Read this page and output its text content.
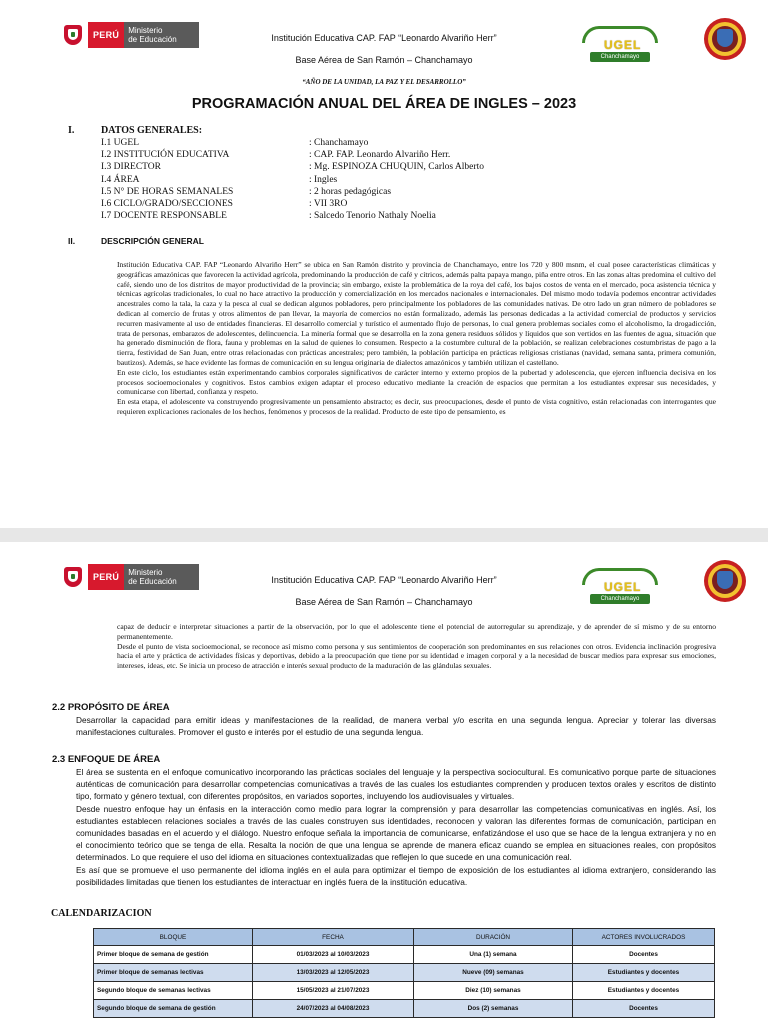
PERÚ	Ministerio
de Educación	Institución Educativa CAP. FAP “Leonardo Alvariño Herr”
Base Aérea de San Ramón – Chanchamayo
UGEL
Chanchamayo
“AÑO DE LA UNIDAD, LA PAZ Y EL DESARROLLO”
PROGRAMACIÓN ANUAL DEL ÁREA DE INGLES – 2023
I.	DATOS GENERALES:
I.1 UGEL	: Chanchamayo
I.2 INSTITUCIÓN EDUCATIVA	: CAP. FAP. Leonardo Alvariño Herr.
I.3 DIRECTOR	: Mg. ESPINOZA CHUQUIN, Carlos Alberto
I.4 ÁREA	: Ingles
I.5 N° DE HORAS SEMANALES	: 2 horas pedagógicas
I.6 CICLO/GRADO/SECCIONES	: VII 3RO
I.7 DOCENTE RESPONSABLE	: Salcedo Tenorio Nathaly Noelia
II.	DESCRIPCIÓN GENERAL

Institución Educativa CAP. FAP “Leonardo Alvariño Herr” se ubica en San Ramón distrito y provincia de Chanchamayo, entre los 720 y 800 msnm, el cual posee características climáticas y geográficas amazónicas que favorecen la actividad agrícola, predominando la producción de café y cítricos, además palta papaya mango, piña entre otros. En las zonas altas predomina el cultivo del café, siendo uno de los distritos de mayor productividad de la provincia; sin embargo, existe la problemática de la roya del café, los bajos costos de venta en el mercado, poca asistencia técnica y técnicas agrícolas tradicionales, lo cual no hace atractivo la producción y comercialización en los mercados nacionales e internacionales. Del mismo modo todavía podemos encontrar actividades ancestrales como la tala, la caza y la pesca al cual se dedican algunos pobladores, pero principalmente los pobladores de las comunidades nativas. De otro lado un gran número de pobladores se dedican al comercio de frutas y otros alimentos de pan llevar, la mayoría de comercios no están formalizado, además las personas dedicadas a la actividad comercial de productos y servicios recurren masivamente al uso de entidades financieras. El desarrollo comercial y turístico el aumentado flujo de personas, lo cual genera problemas sociales como el alcoholismo, la drogadicción, trata de personas, embarazos de adolescentes, delincuencia. La minería formal que se desarrolla en la zona genera residuos sólidos y líquidos que son vertidos en las fuentes de agua, situación que ha generado disminución de flora, fauna y problemas en la salud de quienes lo consumen. Respecto a la costumbre cultural de la población, se realizan celebraciones costumbristas de pago a la tierra, festividad de San Juan, entre otras relacionadas con prácticas ancestrales; pero también, la población participa en prácticas religiosas cristianas (navidad, semana santa, primera comunión, bautizos). Además, se hace evidente las formas de comunicación en su lengua originaria de dialectos amazónicos y también utilizan el castellano.

En este ciclo, los estudiantes están experimentando cambios corporales significativos de carácter interno y externo propios de la pubertad y adolescencia, que ejercen influencia decisiva en los procesos socioemocionales y cognitivos. Estos cambios exigen adaptar el proceso educativo mediante la creación de espacios que permitan a los estudiantes expresar sus necesidades, y comunicarse con libertad, confianza y respeto.

En esta etapa, el adolescente va construyendo progresivamente un pensamiento abstracto; es decir, sus preocupaciones, desde el punto de vista cognitivo, están relacionadas con interrogantes que requieren explicaciones racionales de los hechos, fenómenos y procesos de la realidad. Producto de este tipo de pensamiento, es

PERÚ	Ministerio
de Educación	Institución Educativa CAP. FAP “Leonardo Alvariño Herr”
Base Aérea de San Ramón – Chanchamayo
UGEL
Chanchamayo

capaz de deducir e interpretar situaciones a partir de la observación, por lo que el adolescente tiene el potencial de autorregular su aprendizaje, y de aprender de sí mismo y de su entorno permanentemente.

Desde el punto de vista socioemocional, se reconoce así mismo como persona y sus sentimientos de cooperación son predominantes en sus relaciones con otros. Evidencia inclinación progresiva hacia el arte y práctica de actividades físicas y deportivas, debido a la preocupación que tiene por su identidad e imagen corporal y a la necesidad de buscar medios para expresar sus emociones, intereses, ideas, etc. Se inicia un proceso de atracción e interés sexual producto de la maduración de las glándulas sexuales.

2.2 PROPÓSITO DE ÁREA

Desarrollar la capacidad para emitir ideas y manifestaciones de la realidad, de manera verbal y/o escrita en una segunda lengua. Apreciar y tolerar las diversas manifestaciones culturales. Promover el gusto e interés por el estudio de una segunda lengua.

2.3 ENFOQUE DE ÁREA

El área se sustenta en el enfoque comunicativo incorporando las prácticas sociales del lenguaje y la perspectiva sociocultural. Es comunicativo porque parte de situaciones auténticas de comunicación para desarrollar competencias comunicativas a través de las cuales los estudiantes comprenden y producen textos orales y escritos de distinto tipo, formato y género textual, con diferentes propósitos, en variados soportes, incluyendo los audiovisuales y virtuales.

Desde nuestro enfoque hay un énfasis en la interacción como medio para lograr la comprensión y para desarrollar las competencias comunicativas en inglés. Así, los estudiantes establecen relaciones sociales a través de las cuales construyen sus identidades, reconocen y valoran las diferentes formas de comunicación, participan en comunidades basadas en el acuerdo y el diálogo. Nuestro enfoque señala la importancia de comunicarse, enfatizándose el uso que se hace de la lengua extranjera y no en el conocimiento teórico que se tenga de ella. Resalta la noción de que una lengua se aprende de manera eficaz cuando se emplea en situaciones reales, con propósitos determinados. Lo que requiere el uso del idioma en situaciones contextualizadas que reflejen lo que sucede en una comunicación real.

Es así que se promueve el uso permanente del idioma inglés en el aula para optimizar el tiempo de exposición de los estudiantes al idioma extranjero, considerando las posibilidades limitadas que tienen los estudiantes de interactuar en inglés fuera de la institución educativa.

CALENDARIZACION
BLOQUE	FECHA	DURACIÓN	ACTORES INVOLUCRADOS
Primer bloque de semana de gestión	01/03/2023 al 10/03/2023	Una (1) semana	Docentes
Primer bloque de semanas lectivas	13/03/2023 al 12/05/2023	Nueve (09) semanas	Estudiantes y docentes
Segundo bloque de semanas lectivas	15/05/2023 al 21/07/2023	Diez (10) semanas	Estudiantes y docentes
Segundo bloque de semana de gestión	24/07/2023 al 04/08/2023	Dos (2) semanas	Docentes
